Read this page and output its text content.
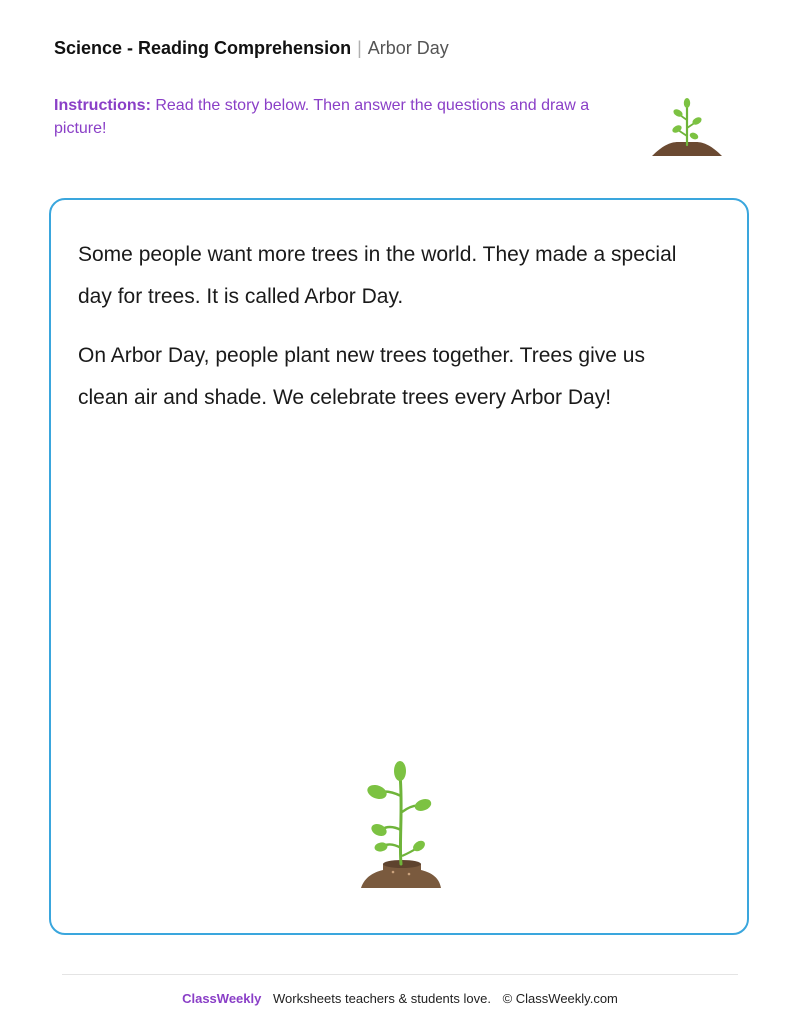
Science - Reading Comprehension | Arbor Day
Instructions: Read the story below. Then answer the questions and draw a picture!

Some people want more trees in the world. They made a special day for trees. It is called Arbor Day.

On Arbor Day, people plant new trees together. Trees give us clean air and shade. We celebrate trees every Arbor Day!

ClassWeekly Worksheets teachers & students love. © ClassWeekly.com
